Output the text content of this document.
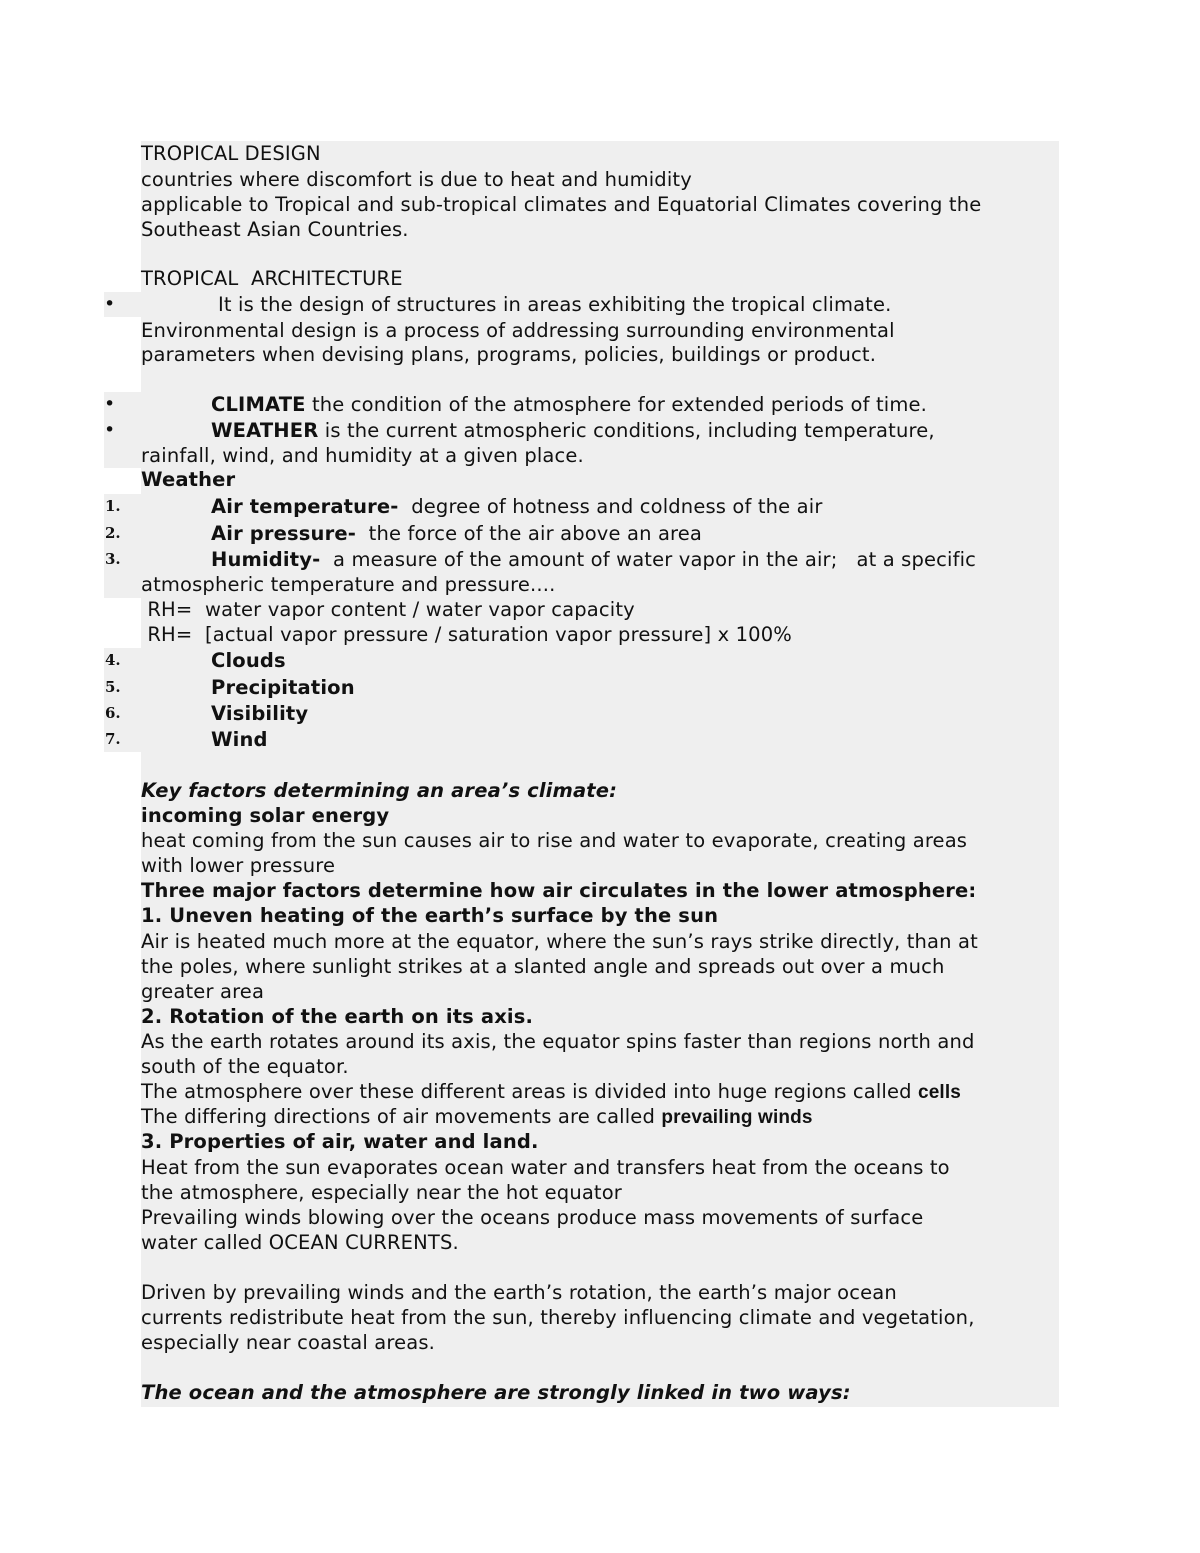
TROPICAL DESIGN
countries where discomfort is due to heat and humidity
applicable to Tropical and sub-tropical climates and Equatorial Climates covering the
Southeast Asian Countries.
TROPICAL  ARCHITECTURE
•	It is the design of structures in areas exhibiting the tropical climate.
Environmental design is a process of addressing surrounding environmental
parameters when devising plans, programs, policies, buildings or product.
•	CLIMATE the condition of the atmosphere for extended periods of time.
•	WEATHER is the current atmospheric conditions, including temperature,
rainfall, wind, and humidity at a given place.
Weather
1.	Air temperature-  degree of hotness and coldness of the air
2.	Air pressure-  the force of the air above an area
3.	Humidity-  a measure of the amount of water vapor in the air;   at a specific
atmospheric temperature and pressure....
RH=  water vapor content / water vapor capacity
RH=  [actual vapor pressure / saturation vapor pressure] x 100%
4.	Clouds
5.	Precipitation
6.	Visibility
7.	Wind
Key factors determining an area’s climate:
incoming solar energy
heat coming from the sun causes air to rise and water to evaporate, creating areas
with lower pressure
Three major factors determine how air circulates in the lower atmosphere:
1. Uneven heating of the earth’s surface by the sun
Air is heated much more at the equator, where the sun’s rays strike directly, than at
the poles, where sunlight strikes at a slanted angle and spreads out over a much
greater area
2. Rotation of the earth on its axis.
As the earth rotates around its axis, the equator spins faster than regions north and
south of the equator.
The atmosphere over these different areas is divided into huge regions called cells
The differing directions of air movements are called prevailing winds
3. Properties of air, water and land.
Heat from the sun evaporates ocean water and transfers heat from the oceans to
the atmosphere, especially near the hot equator
Prevailing winds blowing over the oceans produce mass movements of surface
water called OCEAN CURRENTS.
Driven by prevailing winds and the earth’s rotation, the earth’s major ocean
currents redistribute heat from the sun, thereby influencing climate and vegetation,
especially near coastal areas.
The ocean and the atmosphere are strongly linked in two ways:
